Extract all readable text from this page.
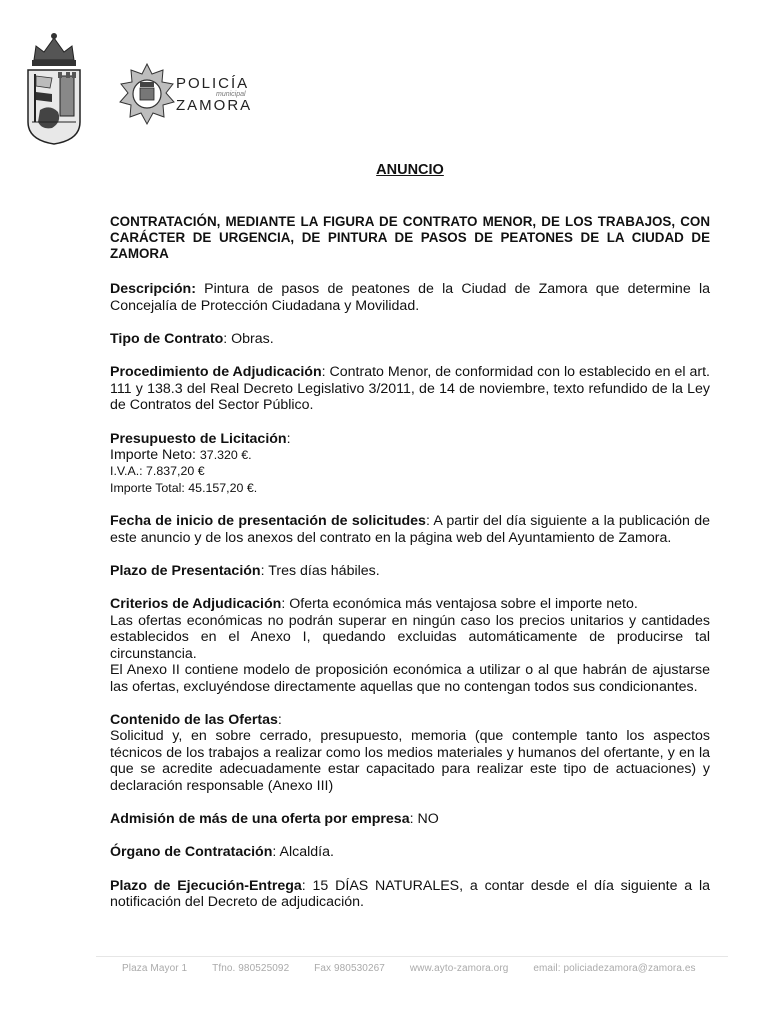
POLICÍA
municipal
ZAMORA
ANUNCIO
CONTRATACIÓN, MEDIANTE LA FIGURA DE CONTRATO MENOR, DE LOS TRABAJOS, CON CARÁCTER DE URGENCIA, DE PINTURA DE PASOS DE PEATONES DE LA CIUDAD DE ZAMORA

Descripción: Pintura de pasos de peatones de la Ciudad de Zamora que determine la Concejalía de Protección Ciudadana y Movilidad.

Tipo de Contrato: Obras.

Procedimiento de Adjudicación: Contrato Menor, de conformidad con lo establecido en el art. 111 y 138.3 del Real Decreto Legislativo 3/2011, de 14 de noviembre, texto refundido de la Ley de Contratos del Sector Público.

Presupuesto de Licitación:
Importe Neto: 37.320 €.
I.V.A.: 7.837,20 €
Importe Total: 45.157,20 €.

Fecha de inicio de presentación de solicitudes: A partir del día siguiente a la publicación de este anuncio y de los anexos del contrato en la página web del Ayuntamiento de Zamora.

Plazo de Presentación: Tres días hábiles.

Criterios de Adjudicación: Oferta económica más ventajosa sobre el importe neto.
Las ofertas económicas no podrán superar en ningún caso los precios unitarios y cantidades establecidos en el Anexo I, quedando excluidas automáticamente de producirse tal circunstancia.
El Anexo II contiene modelo de proposición económica a utilizar o al que habrán de ajustarse las ofertas, excluyéndose directamente aquellas que no contengan todos sus condicionantes.

Contenido de las Ofertas:
Solicitud y, en sobre cerrado, presupuesto, memoria (que contemple tanto los aspectos técnicos de los trabajos a realizar como los medios materiales y humanos del ofertante, y en la que se acredite adecuadamente estar capacitado para realizar este tipo de actuaciones) y declaración responsable (Anexo III)

Admisión de más de una oferta por empresa: NO

Órgano de Contratación: Alcaldía.

Plazo de Ejecución-Entrega: 15 DÍAS NATURALES, a contar desde el día siguiente a la notificación del Decreto de adjudicación.

Plaza Mayor 1 Tfno. 980525092 Fax 980530267 www.ayto-zamora.org email: policiadezamora@zamora.es
